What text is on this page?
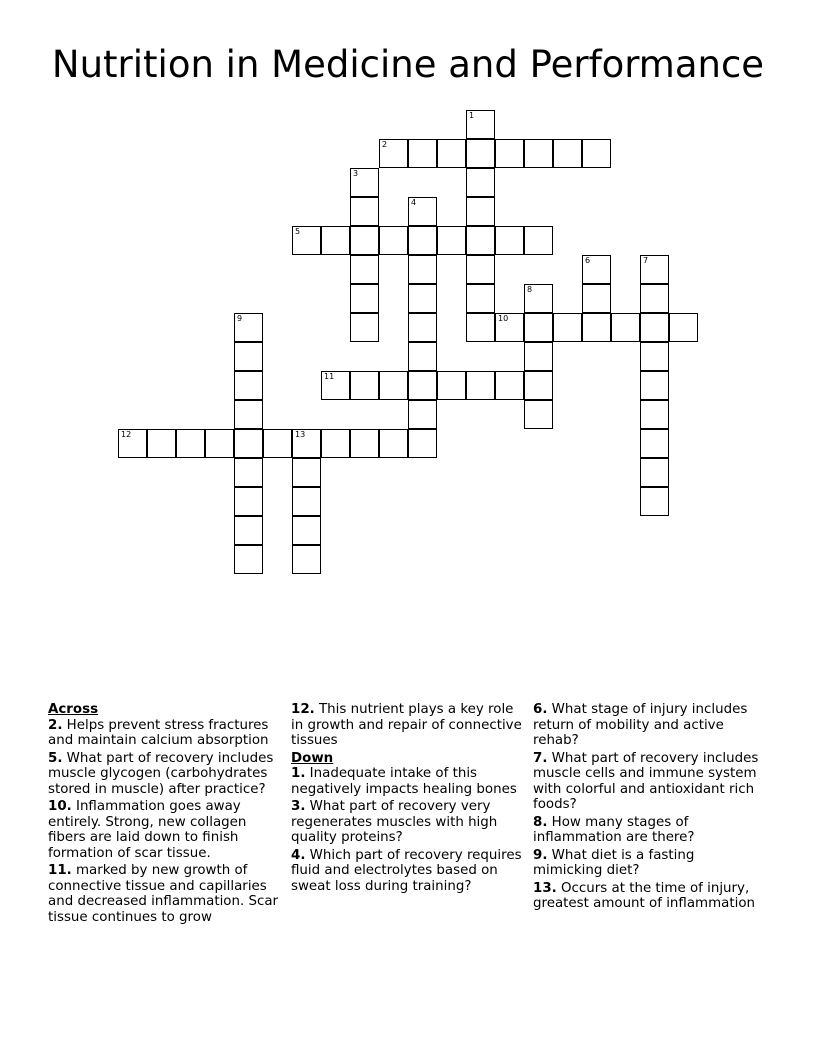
Nutrition in Medicine and Performance
1
2
3
4
5
6	7
8
10
9
11
12	13

Across

2. Helps prevent stress fractures and maintain calcium absorption

5. What part of recovery includes muscle glycogen (carbohydrates stored in muscle) after practice?

10. Inflammation goes away entirely. Strong, new collagen fibers are laid down to finish formation of scar tissue.

11. marked by new growth of connective tissue and capillaries and decreased inflammation. Scar tissue continues to grow

12. This nutrient plays a key role in growth and repair of connective tissues

Down

1. Inadequate intake of this negatively impacts healing bones

3. What part of recovery very regenerates muscles with high quality proteins?

4. Which part of recovery requires fluid and electrolytes based on sweat loss during training?

6. What stage of injury includes return of mobility and active rehab?

7. What part of recovery includes muscle cells and immune system with colorful and antioxidant rich foods?

8. How many stages of inflammation are there?

9. What diet is a fasting mimicking diet?

13. Occurs at the time of injury, greatest amount of inflammation
